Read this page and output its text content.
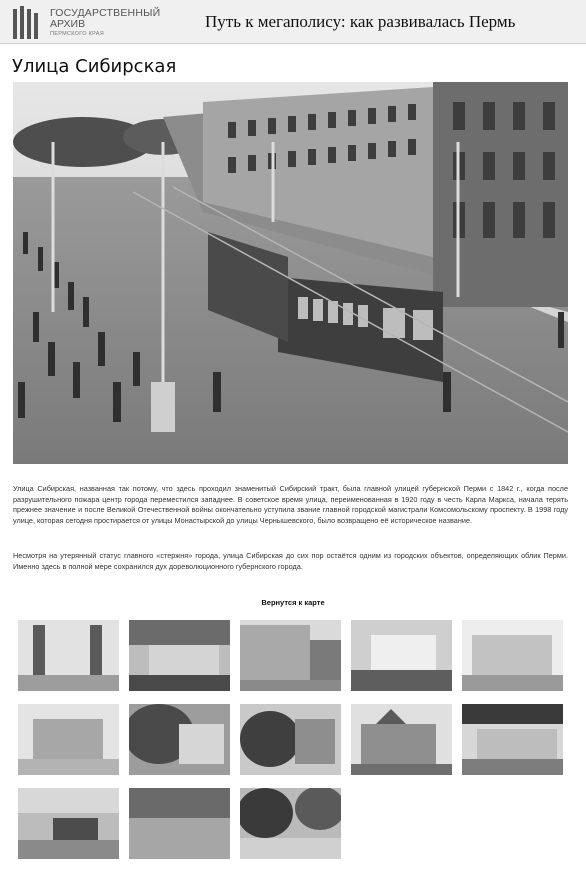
ГОСУДАРСТВЕННЫЙ
АРХИВ
ПЕРМСКОГО КРАЯ
Путь к мегаполису: как развивалась Пермь
Улица Сибирская

Улица Сибирская, названная так потому, что здесь проходил знаменитый Сибирский тракт, была главной улицей губернской Перми с 1842 г., когда после разрушительного пожара центр города переместился западнее. В советское время улица, переименованная в 1920 году в честь Карла Маркса, начала терять прежнее значение и после Великой Отечественной войны окончательно уступила звание главной городской магистрали Комсомольскому проспекту. В 1998 году улице, которая сегодня простирается от улицы Монастырской до улицы Чернышевского, было возвращено её историческое название.

Несмотря на утерянный статус главного «стержня» города, улица Сибирская до сих пор остаётся одним из городских объектов, определяющих облик Перми. Именно здесь в полной мере сохранился дух дореволюционного губернского города.

Вернутся к карте
